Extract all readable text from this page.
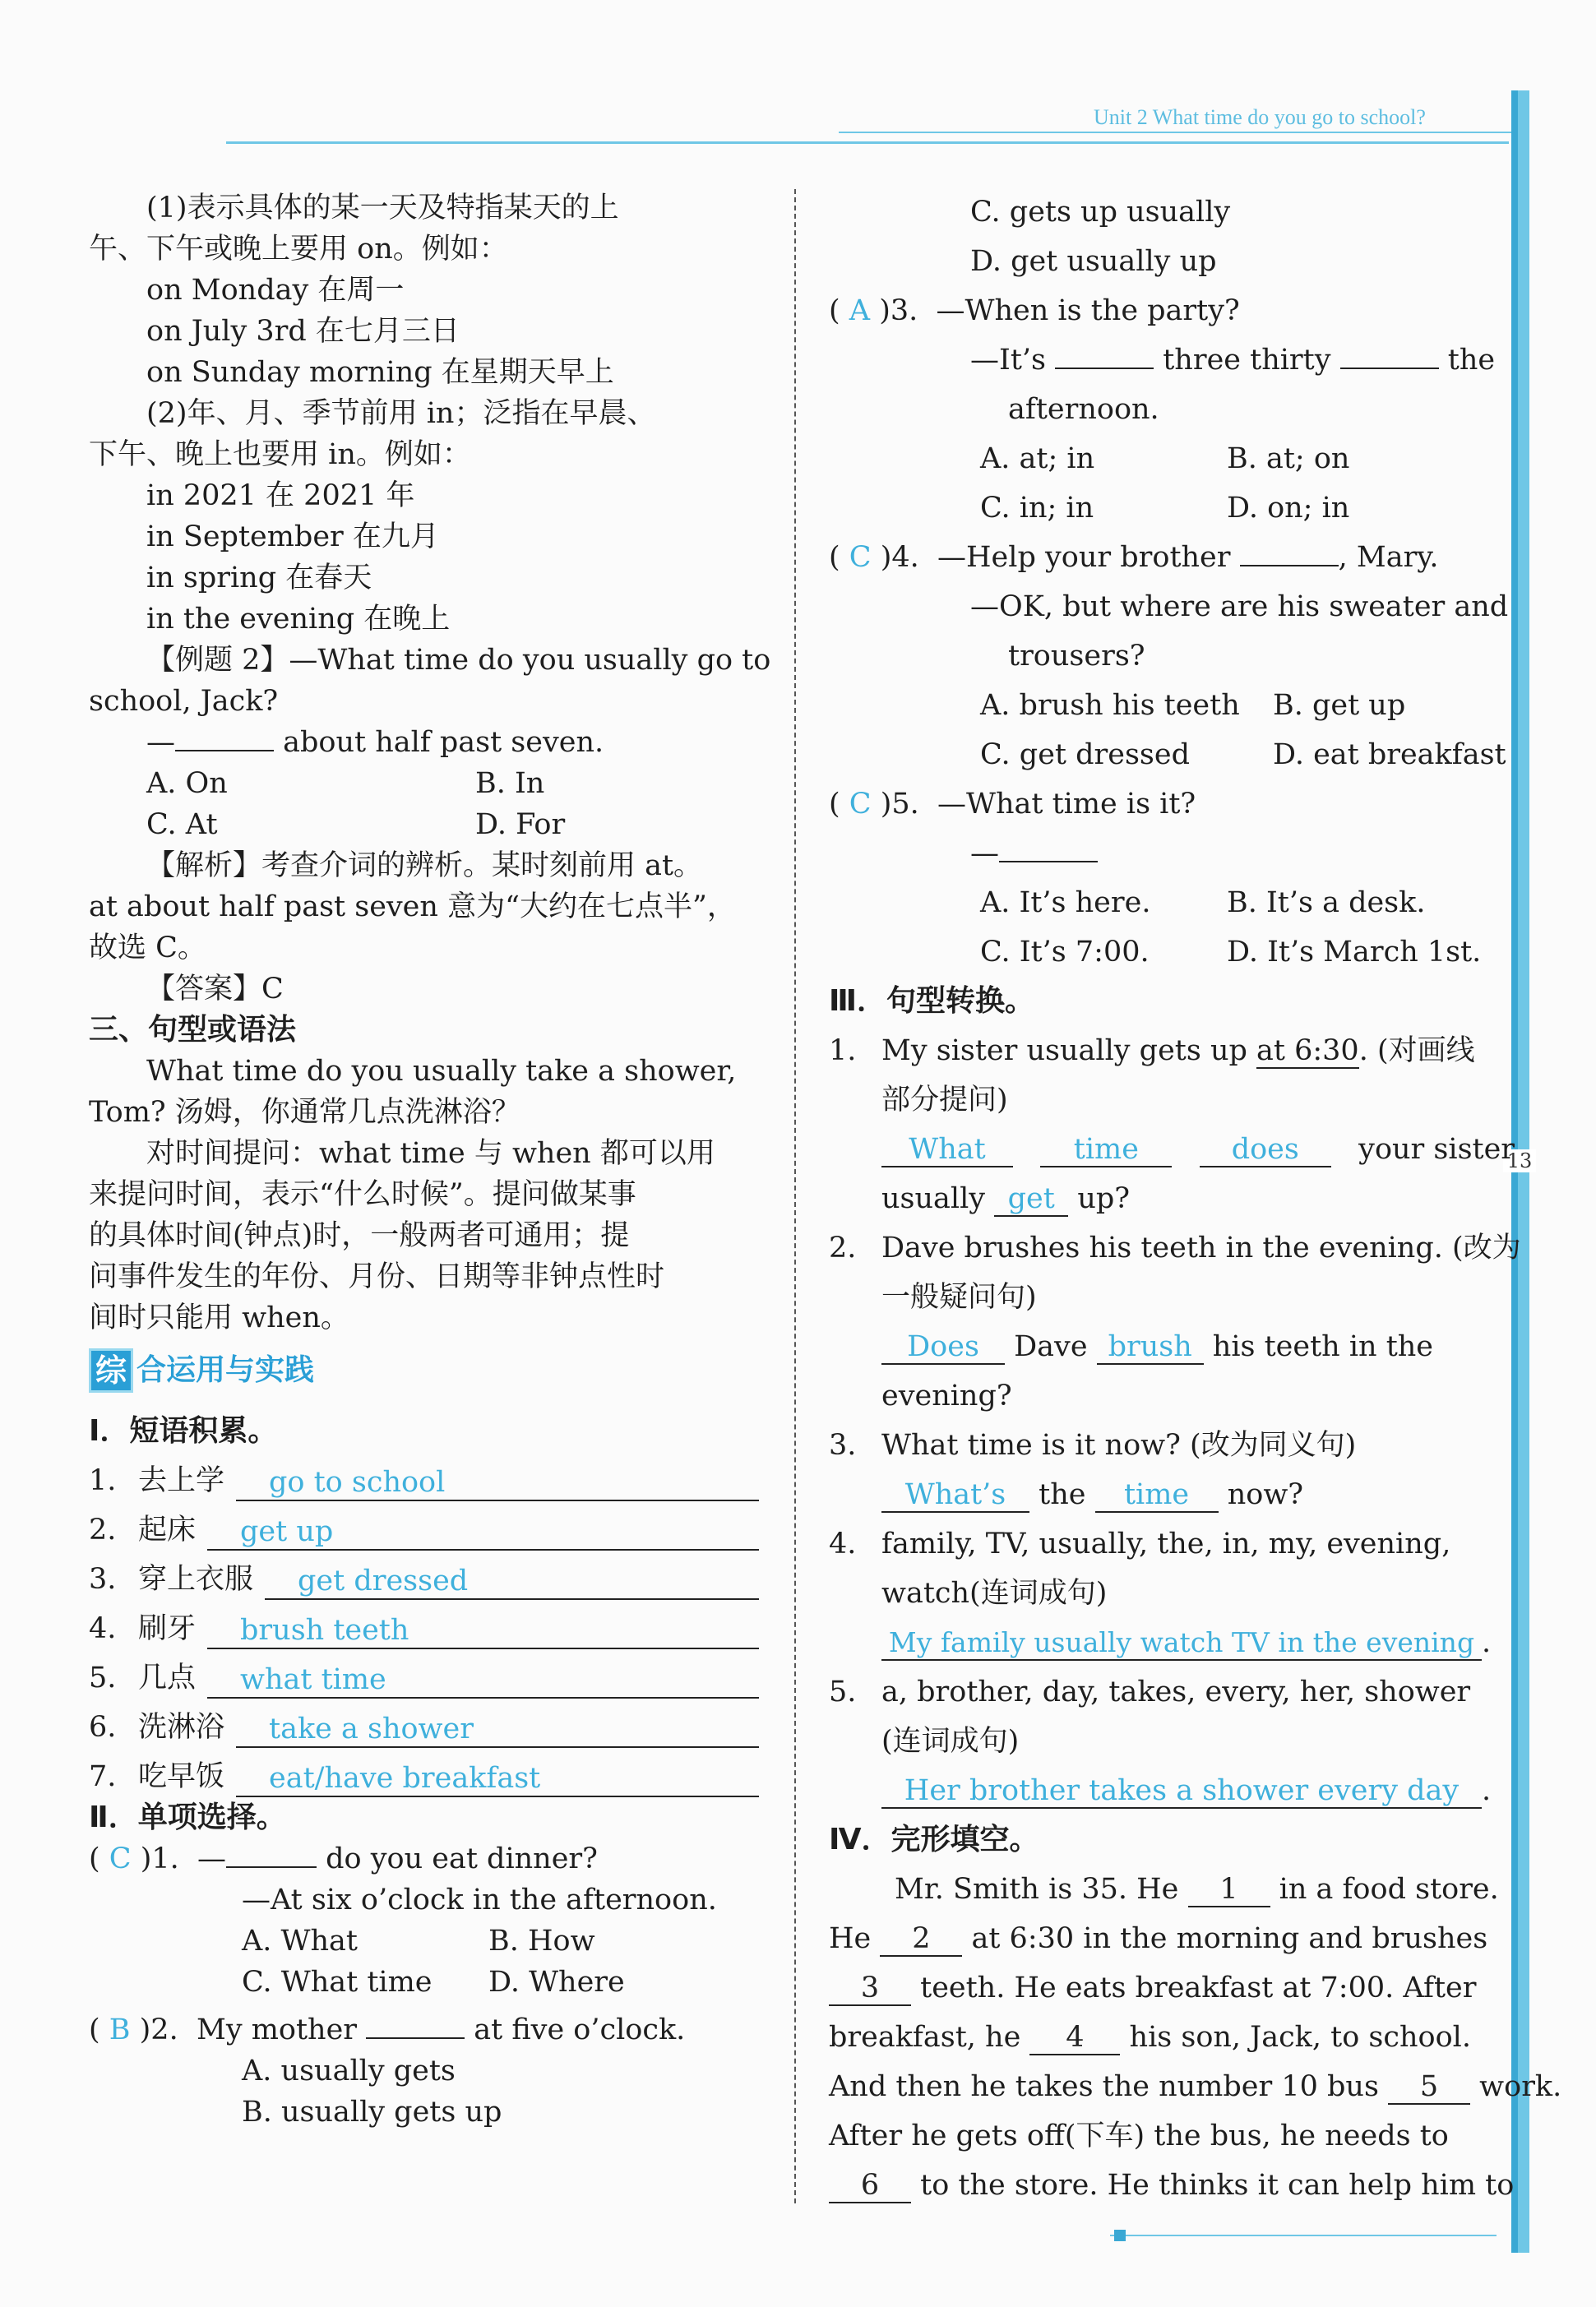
Unit 2 What time do you go to school?
13
(1)表示具体的某一天及特指某天的上
午、下午或晚上要用 on。例如：
on Monday 在周一
on July 3rd 在七月三日
on Sunday morning 在星期天早上
(2)年、月、季节前用 in；泛指在早晨、
下午、晚上也要用 in。例如：
in 2021 在 2021 年
in September 在九月
in spring 在春天
in the evening 在晚上
【例题 2】—What time do you usually go to
school, Jack?
—	about half past seven.
A. On	B. In
C. At	D. For
【解析】考查介词的辨析。某时刻前用 at。
at about half past seven 意为“大约在七点半”，
故选 C。
【答案】C
三、句型或语法
What time do you usually take a shower,
Tom? 汤姆，你通常几点洗淋浴？
对时间提问：what time 与 when 都可以用
来提问时间，表示“什么时候”。提问做某事
的具体时间(钟点)时，一般两者可通用；提
问事件发生的年份、月份、日期等非钟点性时
间时只能用 when。
综 合运用与实践
Ⅰ．短语积累。
1. 去上学	go to school
2. 起床	get up
3. 穿上衣服	get dressed
4. 刷牙	brush teeth
5. 几点	what time
6. 洗淋浴	take a shower
7. 吃早饭	eat/have breakfast
Ⅱ．单项选择。
( C )1. —	do you eat dinner?
—At six o’clock in the afternoon.
A. What	B. How
C. What time D. Where
( B )2. My mother	at five o’clock.
A. usually gets
B. usually gets up
C. gets up usually
D. get usually up
( A )3. —When is the party?
—It’s	three thirty	the
afternoon.
A. at; in	B. at; on
C. in; in	D. on; in
( C )4. —Help your brother	, Mary.
—OK, but where are his sweater and
trousers?
A. brush his teeth B. get up
C. get dressed	D. eat breakfast
( C )5. —What time is it?
—
A. It’s here.	B. It’s a desk.
C. It’s 7:00.	D. It’s March 1st.
Ⅲ．句型转换。
1. My sister usually gets up at 6:30. (对画线
部分提问)
What	time	does your sister
usually get up?
2. Dave brushes his teeth in the evening. (改为
一般疑问句)
Does Dave brush his teeth in the
evening?
3. What time is it now? (改为同义句)
What’s the time now?
4. family, TV, usually, the, in, my, evening,
watch(连词成句)
My family usually watch TV in the evening .
5. a, brother, day, takes, every, her, shower
(连词成句)
Her brother takes a shower every day .
Ⅳ．完形填空。
Mr. Smith is 35. He 1 in a food store.
He 2 at 6:30 in the morning and brushes
3 teeth. He eats breakfast at 7:00. After
breakfast, he 4 his son, Jack, to school.
And then he takes the number 10 bus 5 work.
After he gets off(下车) the bus, he needs to
6 to the store. He thinks it can help him to
